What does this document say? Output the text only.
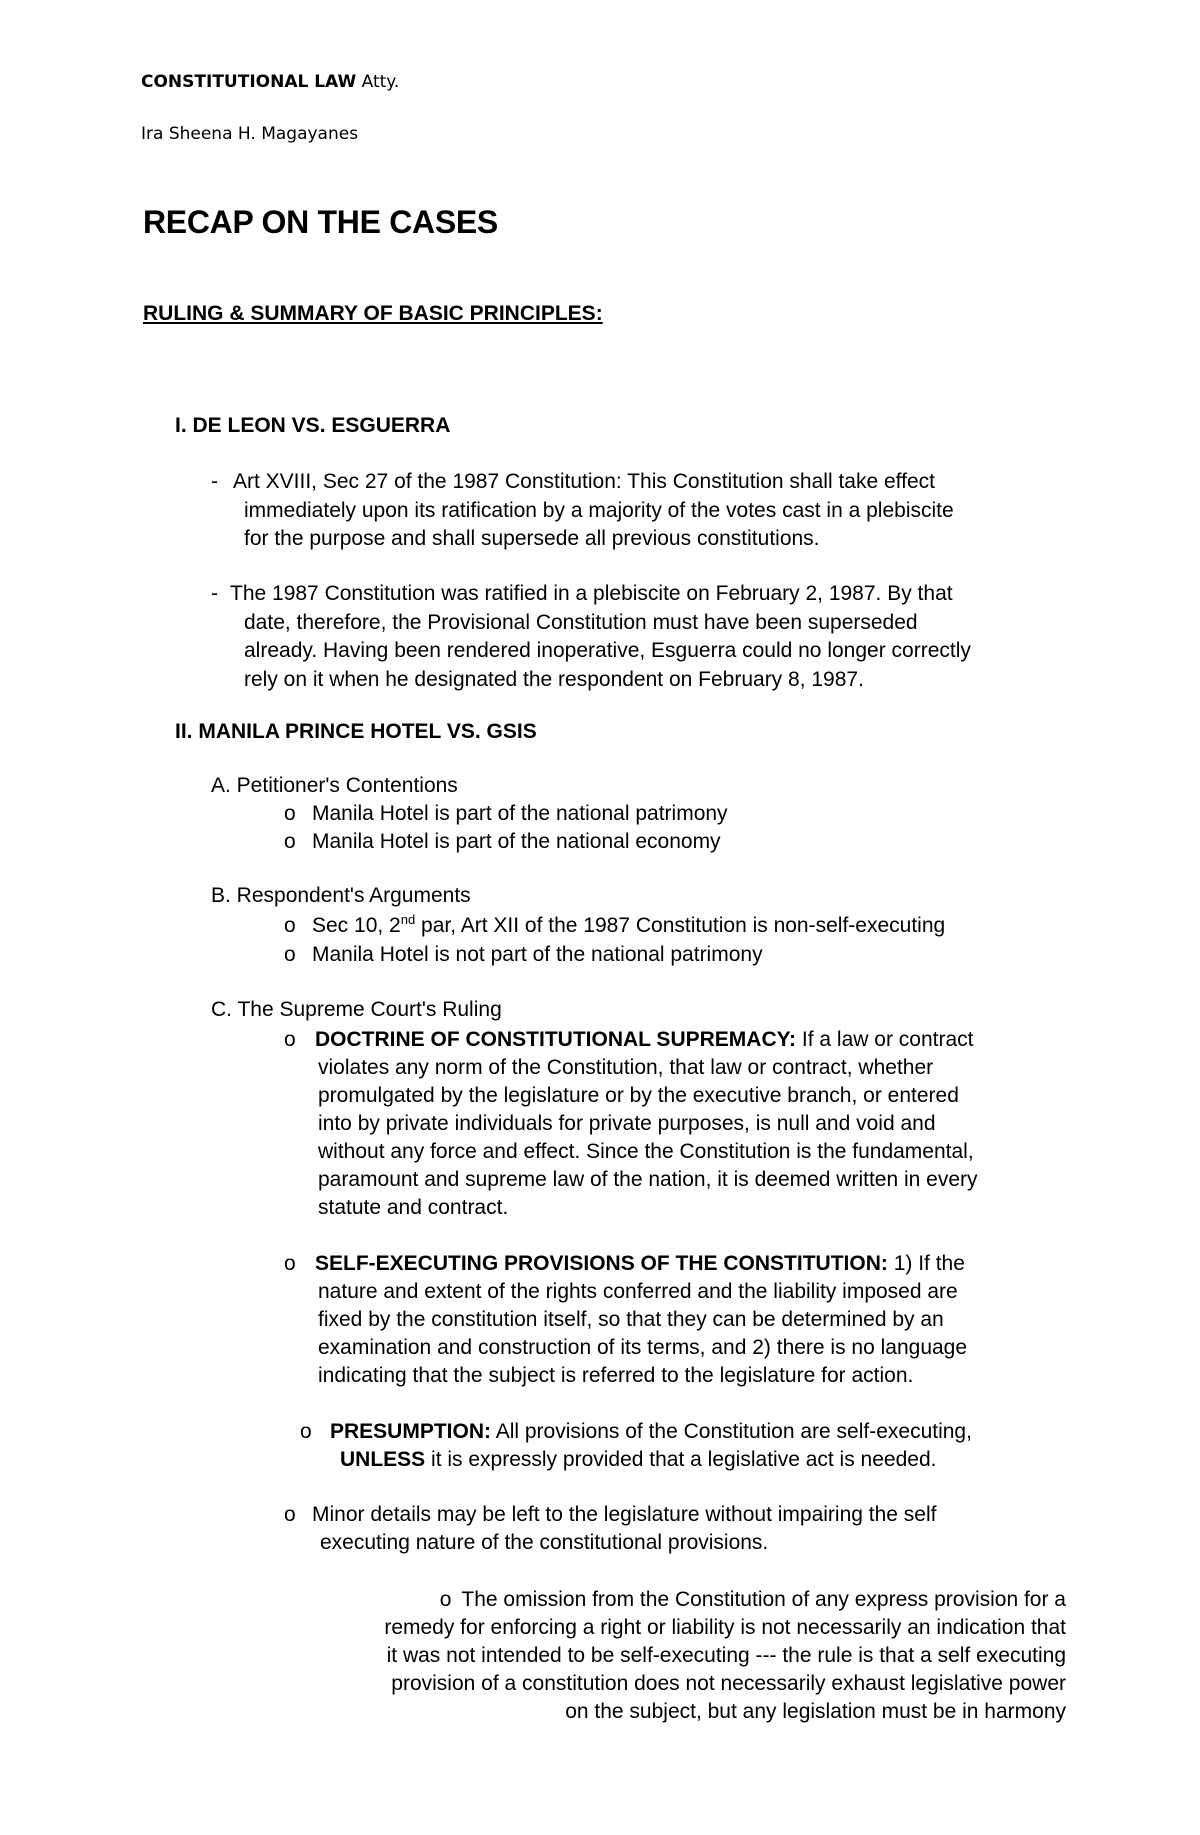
CONSTITUTIONAL LAW Atty.
Ira Sheena H. Magayanes
RECAP ON THE CASES
RULING & SUMMARY OF BASIC PRINCIPLES:
I. DE LEON VS. ESGUERRA
- Art XVIII, Sec 27 of the 1987 Constitution: This Constitution shall take effect
immediately upon its ratification by a majority of the votes cast in a plebiscite
for the purpose and shall supersede all previous constitutions.
- The 1987 Constitution was ratified in a plebiscite on February 2, 1987. By that
date, therefore, the Provisional Constitution must have been superseded
already. Having been rendered inoperative, Esguerra could no longer correctly
rely on it when he designated the respondent on February 8, 1987.
II. MANILA PRINCE HOTEL VS. GSIS
A. Petitioner's Contentions
o Manila Hotel is part of the national patrimony
o Manila Hotel is part of the national economy
B. Respondent's Arguments
o Sec 10, 2nd par, Art XII of the 1987 Constitution is non-self-executing
o Manila Hotel is not part of the national patrimony
C. The Supreme Court's Ruling
o DOCTRINE OF CONSTITUTIONAL SUPREMACY: If a law or contract
violates any norm of the Constitution, that law or contract, whether
promulgated by the legislature or by the executive branch, or entered
into by private individuals for private purposes, is null and void and
without any force and effect. Since the Constitution is the fundamental,
paramount and supreme law of the nation, it is deemed written in every
statute and contract.
o SELF-EXECUTING PROVISIONS OF THE CONSTITUTION: 1) If the
nature and extent of the rights conferred and the liability imposed are
fixed by the constitution itself, so that they can be determined by an
examination and construction of its terms, and 2) there is no language
indicating that the subject is referred to the legislature for action.
o PRESUMPTION: All provisions of the Constitution are self-executing,
UNLESS it is expressly provided that a legislative act is needed.
o Minor details may be left to the legislature without impairing the self
executing nature of the constitutional provisions.
o The omission from the Constitution of any express provision for a
remedy for enforcing a right or liability is not necessarily an indication that
it was not intended to be self-executing --- the rule is that a self executing
provision of a constitution does not necessarily exhaust legislative power
on the subject, but any legislation must be in harmony
